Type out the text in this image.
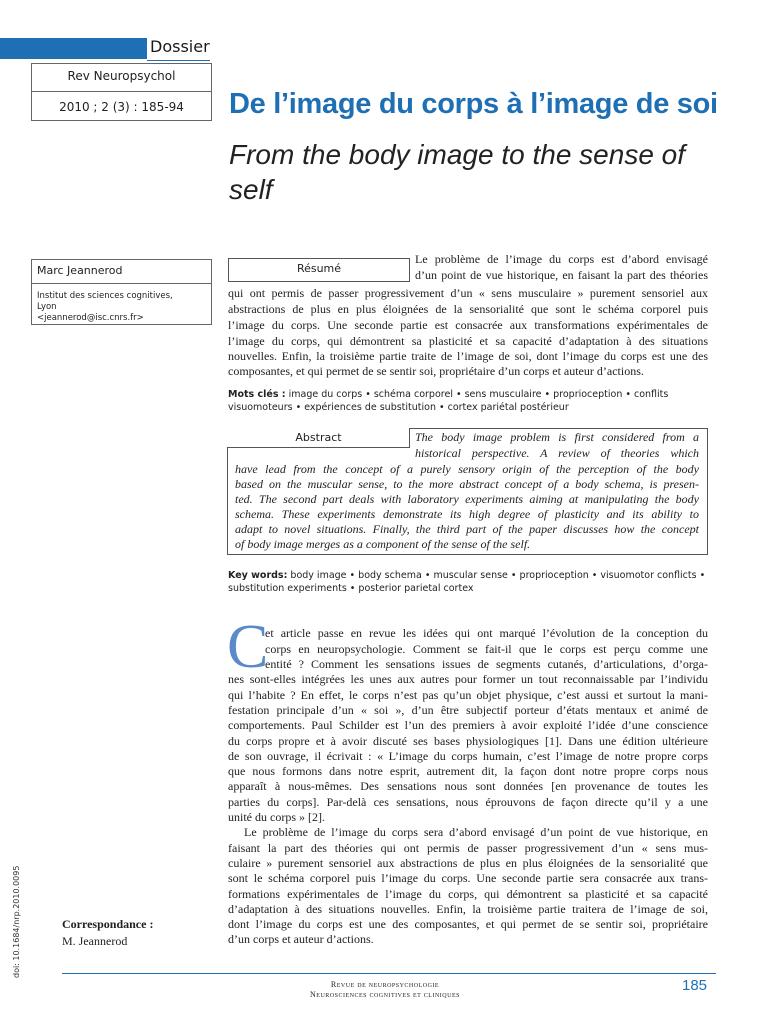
Dossier
Rev Neuropsychol
2010 ; 2 (3) : 185-94	De l’image du corps à l’image de soi
From the body image to the sense of self
Marc Jeannerod
Institut des sciences cognitives,
Lyon
<jeannerod@isc.cnrs.fr>
Résumé
Le problème de l’image du corps est d’abord envisagé
d’un point de vue historique, en faisant la part des théories
qui ont permis de passer progressivement d’un « sens musculaire » purement sensoriel aux
abstractions de plus en plus éloignées de la sensorialité que sont le schéma corporel puis
l’image du corps. Une seconde partie est consacrée aux transformations expérimentales de
l’image du corps, qui démontrent sa plasticité et sa capacité d’adaptation à des situations
nouvelles. Enfin, la troisième partie traite de l’image de soi, dont l’image du corps est une des
composantes, et qui permet de se sentir soi, propriétaire d’un corps et auteur d’actions.
Mots clés : image du corps • schéma corporel • sens musculaire • proprioception • conflits
visuomoteurs • expériences de substitution • cortex pariétal postérieur
Abstract	The body image problem is first considered from a
historical perspective. A review of theories which
have lead from the concept of a purely sensory origin of the perception of the body
based on the muscular sense, to the more abstract concept of a body schema, is presen-
ted. The second part deals with laboratory experiments aiming at manipulating the body
schema. These experiments demonstrate its high degree of plasticity and its ability to
adapt to novel situations. Finally, the third part of the paper discusses how the concept
of body image merges as a component of the sense of the self.
Key words: body image • body schema • muscular sense • proprioception • visuomotor conflicts •
substitution experiments • posterior parietal cortex
C
et article passe en revue les idées qui ont marqué l’évolution de la conception du
corps en neuropsychologie. Comment se fait-il que le corps est perçu comme une
entité ? Comment les sensations issues de segments cutanés, d’articulations, d’orga-
nes sont-elles intégrées les unes aux autres pour former un tout reconnaissable par l’individu
qui l’habite ? En effet, le corps n’est pas qu’un objet physique, c’est aussi et surtout la mani-
festation principale d’un « soi », d’un être subjectif porteur d’états mentaux et animé de
comportements. Paul Schilder est l’un des premiers à avoir exploité l’idée d’une conscience
du corps propre et à avoir discuté ses bases physiologiques [1]. Dans une édition ultérieure
de son ouvrage, il écrivait : « L’image du corps humain, c’est l’image de notre propre corps
que nous formons dans notre esprit, autrement dit, la façon dont notre propre corps nous
apparaît à nous-mêmes. Des sensations nous sont données [en provenance de toutes les
parties du corps]. Par-delà ces sensations, nous éprouvons de façon directe qu’il y a une
unité du corps » [2].
Le problème de l’image du corps sera d’abord envisagé d’un point de vue historique, en
faisant la part des théories qui ont permis de passer progressivement d’un « sens mus-
culaire » purement sensoriel aux abstractions de plus en plus éloignées de la sensorialité que
sont le schéma corporel puis l’image du corps. Une seconde partie sera consacrée aux trans-
formations expérimentales de l’image du corps, qui démontrent sa plasticité et sa capacité
d’adaptation à des situations nouvelles. Enfin, la troisième partie traitera de l’image de soi,
dont l’image du corps est une des composantes, et qui permet de se sentir soi, propriétaire
d’un corps et auteur d’actions.
Correspondance :
M. Jeannerod
doi: 10.1684/nrp.2010.0095
Revue de neuropsychologie
Neurosciences cognitives et cliniques
185
